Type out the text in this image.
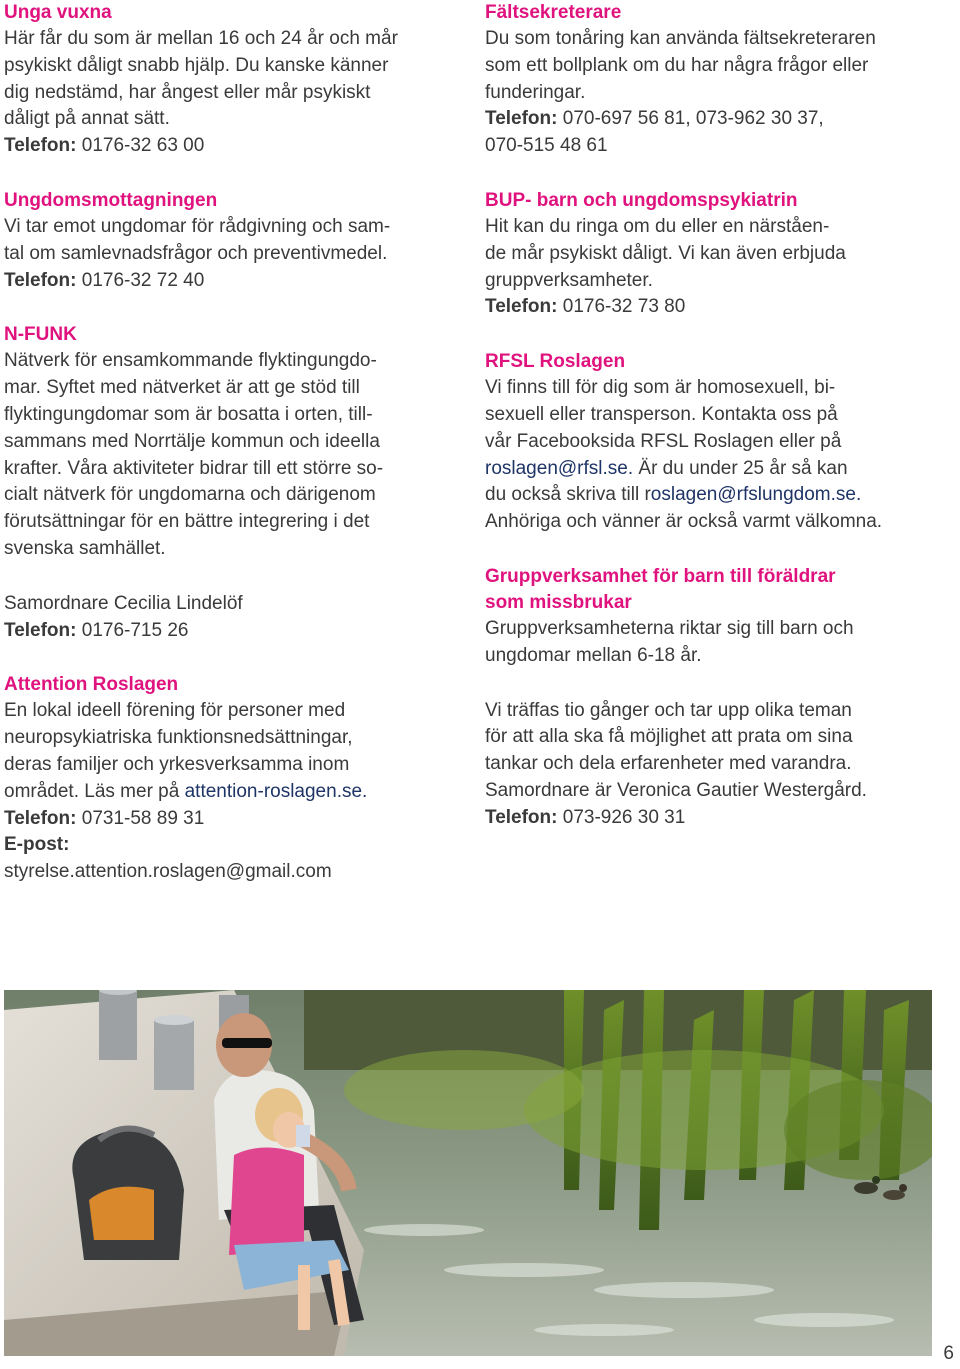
Unga vuxna

Här får du som är mellan 16 och 24 år och mår
psykiskt dåligt snabb hjälp. Du kanske känner
dig nedstämd, har ångest eller mår psykiskt
dåligt på annat sätt.
Telefon: 0176-32 63 00

Ungdomsmottagningen

Vi tar emot ungdomar för rådgivning och sam-
tal om samlevnadsfrågor och preventivmedel.
Telefon: 0176-32 72 40

N-FUNK

Nätverk för ensamkommande flyktingungdo-
mar. Syftet med nätverket är att ge stöd till
flyktingungdomar som är bosatta i orten, till-
sammans med Norrtälje kommun och ideella
krafter. Våra aktiviteter bidrar till ett större so-
cialt nätverk för ungdomarna och därigenom
förutsättningar för en bättre integrering i det
svenska samhället.

Samordnare Cecilia Lindelöf
Telefon: 0176-715 26

Attention Roslagen

En lokal ideell förening för personer med
neuropsykiatriska funktionsnedsättningar,
deras familjer och yrkesverksamma inom
området. Läs mer på attention-roslagen.se.
Telefon: 0731-58 89 31
E-post:
styrelse.attention.roslagen@gmail.com

Fältsekreterare

Du som tonåring kan använda fältsekreteraren
som ett bollplank om du har några frågor eller
funderingar.
Telefon: 070-697 56 81, 073-962 30 37,
070-515 48 61

BUP- barn och ungdomspsykiatrin

Hit kan du ringa om du eller en närståen-
de mår psykiskt dåligt. Vi kan även erbjuda
gruppverksamheter.
Telefon: 0176-32 73 80

RFSL Roslagen

Vi finns till för dig som är homosexuell, bi-
sexuell eller transperson. Kontakta oss på
vår Facebooksida RFSL Roslagen eller på
roslagen@rfsl.se. Är du under 25 år så kan
du också skriva till roslagen@rfslungdom.se.
Anhöriga och vänner är också varmt välkomna.

Gruppverksamhet för barn till föräldrar
som missbrukar

Gruppverksamheterna riktar sig till barn och
ungdomar mellan 6-18 år.

Vi träffas tio gånger och tar upp olika teman
för att alla ska få möjlighet att prata om sina
tankar och dela erfarenheter med varandra.
Samordnare är Veronica Gautier Westergård.
Telefon: 073-926 30 31

6
